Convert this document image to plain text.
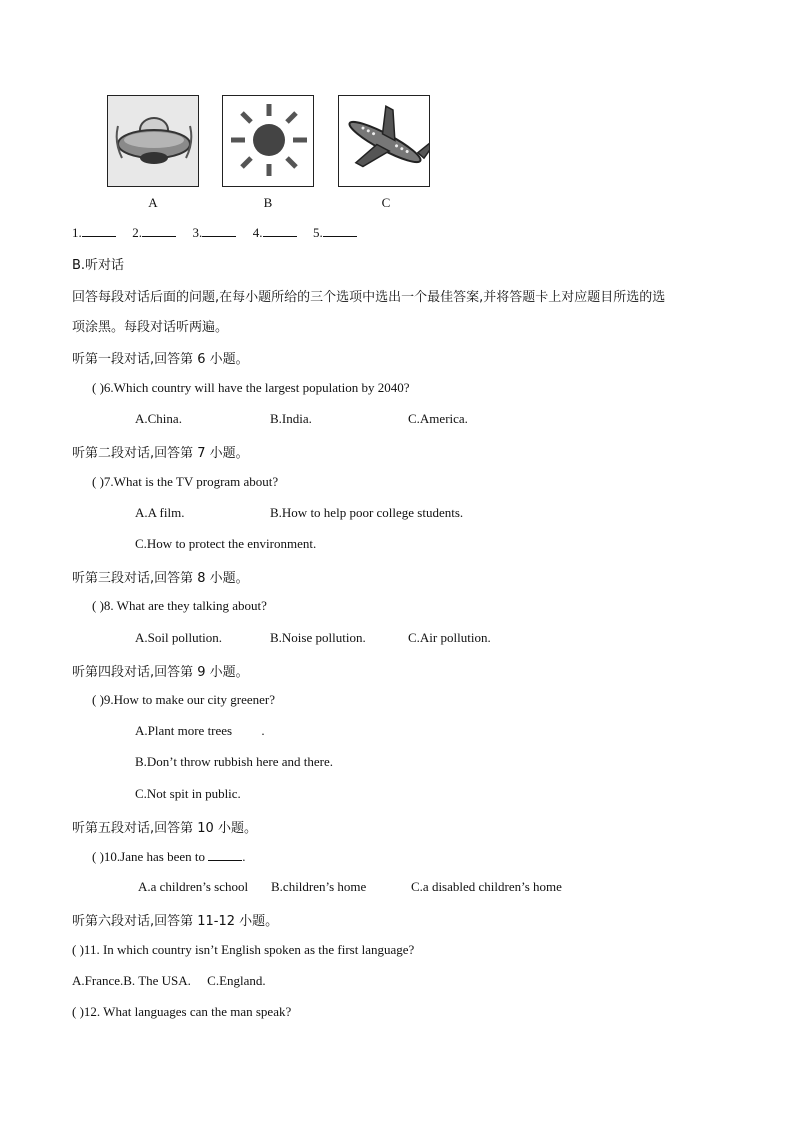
A	B	C
1.	2.	3.	4.	5.
B.听对话
回答每段对话后面的问题,在每小题所给的三个选项中选出一个最佳答案,并将答题卡上对应题目所选的选
项涂黑。每段对话听两遍。
听第一段对话,回答第 6 小题。
( )6.Which country will have the largest population by 2040?
A.China.	B.India.	C.America.
听第二段对话,回答第 7 小题。
( )7.What is the TV program about?
A.A film.	B.How to help poor college students.
C.How to protect the environment.
听第三段对话,回答第 8 小题。
( )8. What are they talking about?
A.Soil pollution.	B.Noise pollution.	C.Air pollution.
听第四段对话,回答第 9 小题。
( )9.How to make our city greener?
A.Plant more trees         .
B.Don’t throw rubbish here and there.
C.Not spit in public.
听第五段对话,回答第 10 小题。
( )10.Jane has been to	.
A.a children’s school B.children’s home	C.a disabled children’s home
听第六段对话,回答第 11-12 小题。
( )11. In which country isn’t English spoken as the first language?
A.France.B. The USA.     C.England.
( )12. What languages can the man speak?
